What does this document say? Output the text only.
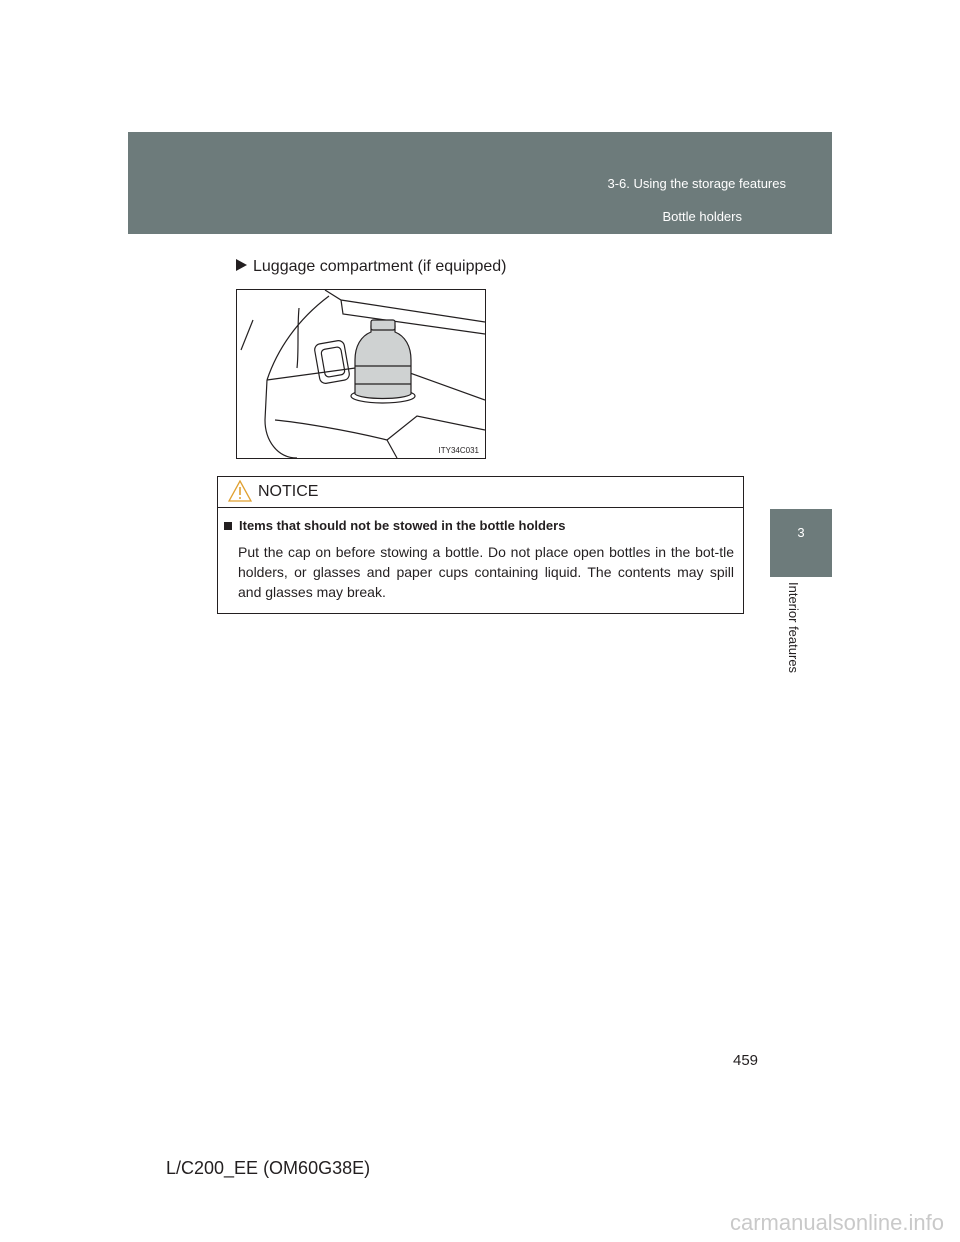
3-6. Using the storage features
Bottle holders
3
Interior features
Luggage compartment (if equipped)
ITY34C031
NOTICE
Items that should not be stowed in the bottle holders
Put the cap on before stowing a bottle. Do not place open bottles in the bot-tle holders, or glasses and paper cups containing liquid. The contents may spill and glasses may break.
459
L/C200_EE (OM60G38E)
carmanualsonline.info
